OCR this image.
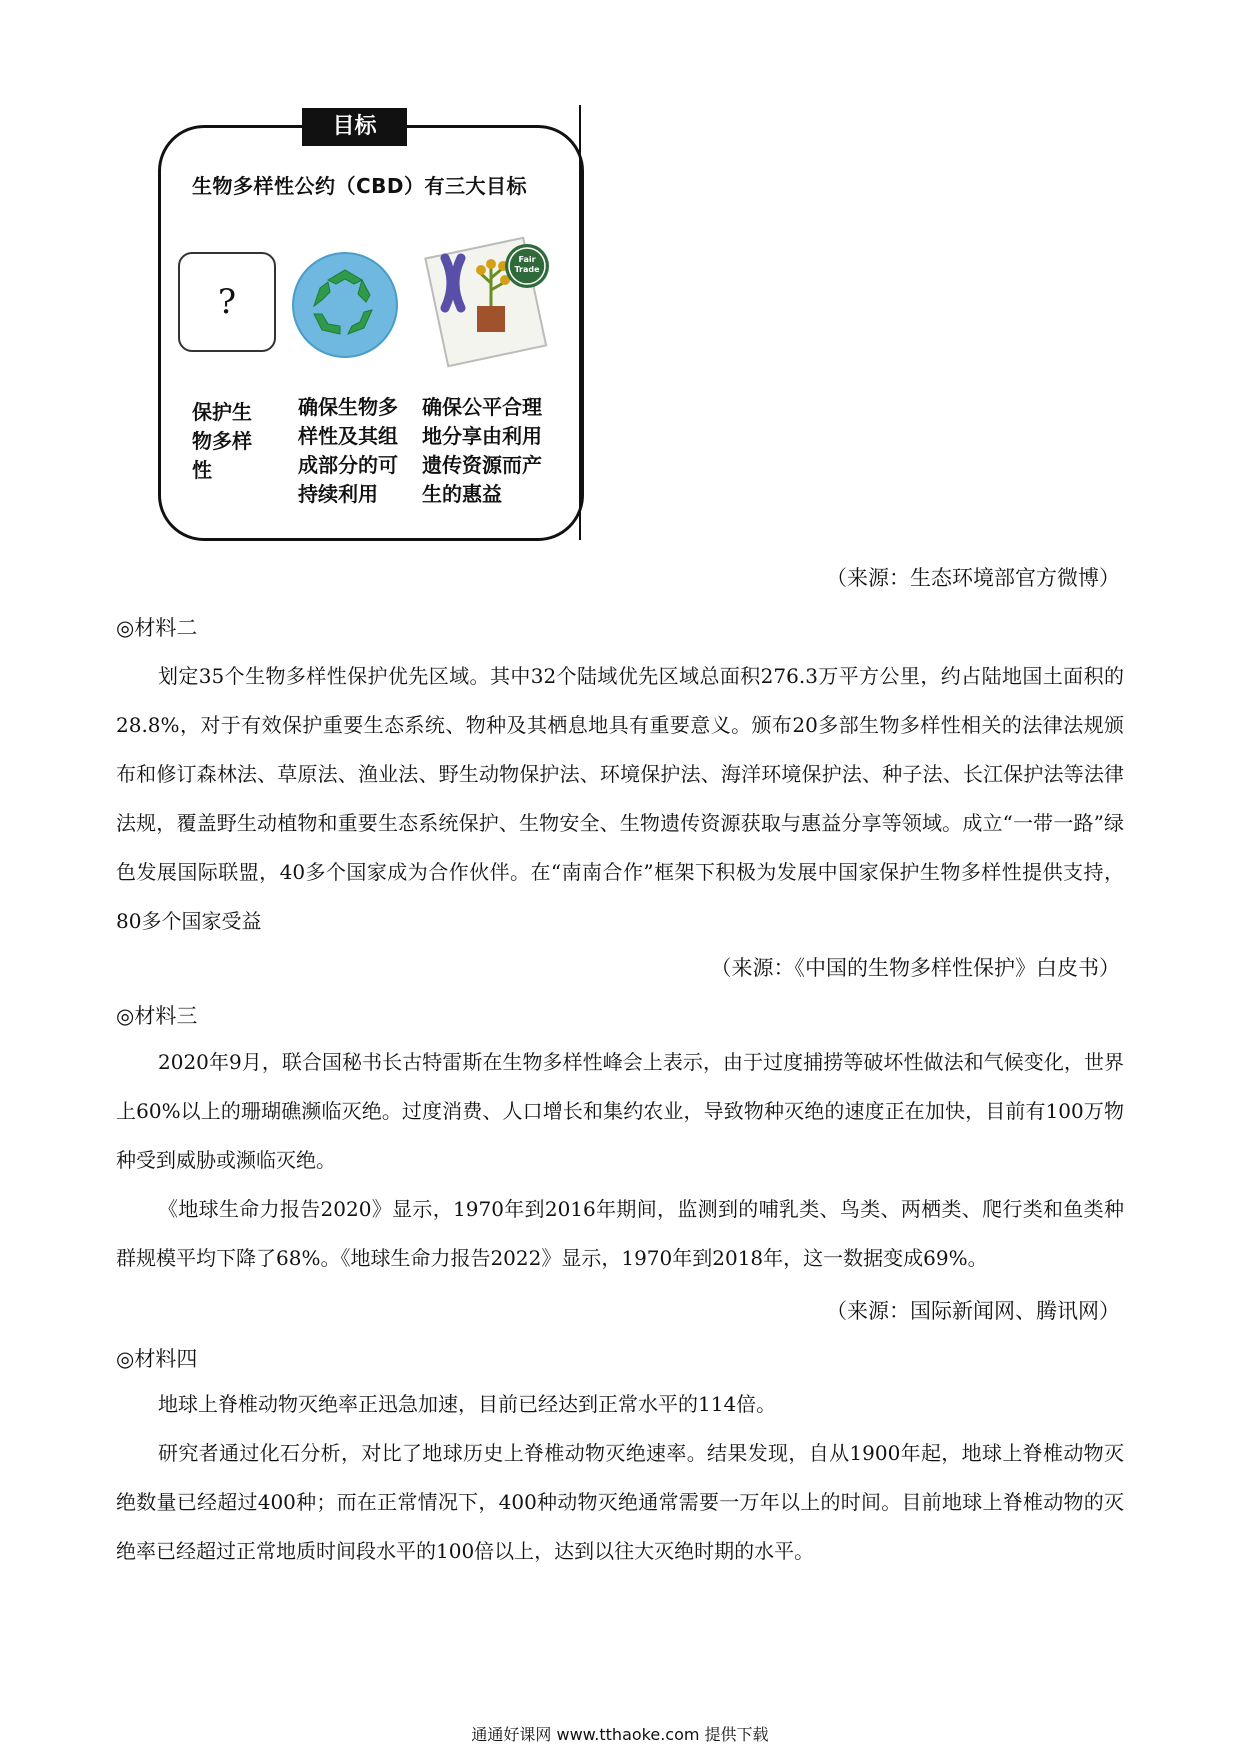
目标
生物多样性公约（CBD）有三大目标
?
Fair
Trade
保护生物多样性
确保生物多样性及其组成部分的可持续利用
确保公平合理地分享由利用遗传资源而产生的惠益
（来源：生态环境部官方微博）
◎材料二
划定35个生物多样性保护优先区域。其中32个陆域优先区域总面积276.3万平方公里，约占陆地国土面积的28.8%，对于有效保护重要生态系统、物种及其栖息地具有重要意义。颁布20多部生物多样性相关的法律法规颁布和修订森林法、草原法、渔业法、野生动物保护法、环境保护法、海洋环境保护法、种子法、长江保护法等法律法规，覆盖野生动植物和重要生态系统保护、生物安全、生物遗传资源获取与惠益分享等领域。成立“一带一路”绿色发展国际联盟，40多个国家成为合作伙伴。在“南南合作”框架下积极为发展中国家保护生物多样性提供支持，80多个国家受益
（来源：《中国的生物多样性保护》白皮书）
◎材料三
2020年9月，联合国秘书长古特雷斯在生物多样性峰会上表示，由于过度捕捞等破坏性做法和气候变化，世界上60%以上的珊瑚礁濒临灭绝。过度消费、人口增长和集约农业，导致物种灭绝的速度正在加快，目前有100万物种受到威胁或濒临灭绝。
《地球生命力报告2020》显示，1970年到2016年期间，监测到的哺乳类、鸟类、两栖类、爬行类和鱼类种群规模平均下降了68%。《地球生命力报告2022》显示，1970年到2018年，这一数据变成69%。
（来源：国际新闻网、腾讯网）
◎材料四
地球上脊椎动物灭绝率正迅急加速，目前已经达到正常水平的114倍。
研究者通过化石分析，对比了地球历史上脊椎动物灭绝速率。结果发现，自从1900年起，地球上脊椎动物灭绝数量已经超过400种；而在正常情况下，400种动物灭绝通常需要一万年以上的时间。目前地球上脊椎动物的灭绝率已经超过正常地质时间段水平的100倍以上，达到以往大灭绝时期的水平。
通通好课网 www.tthaoke.com 提供下载
